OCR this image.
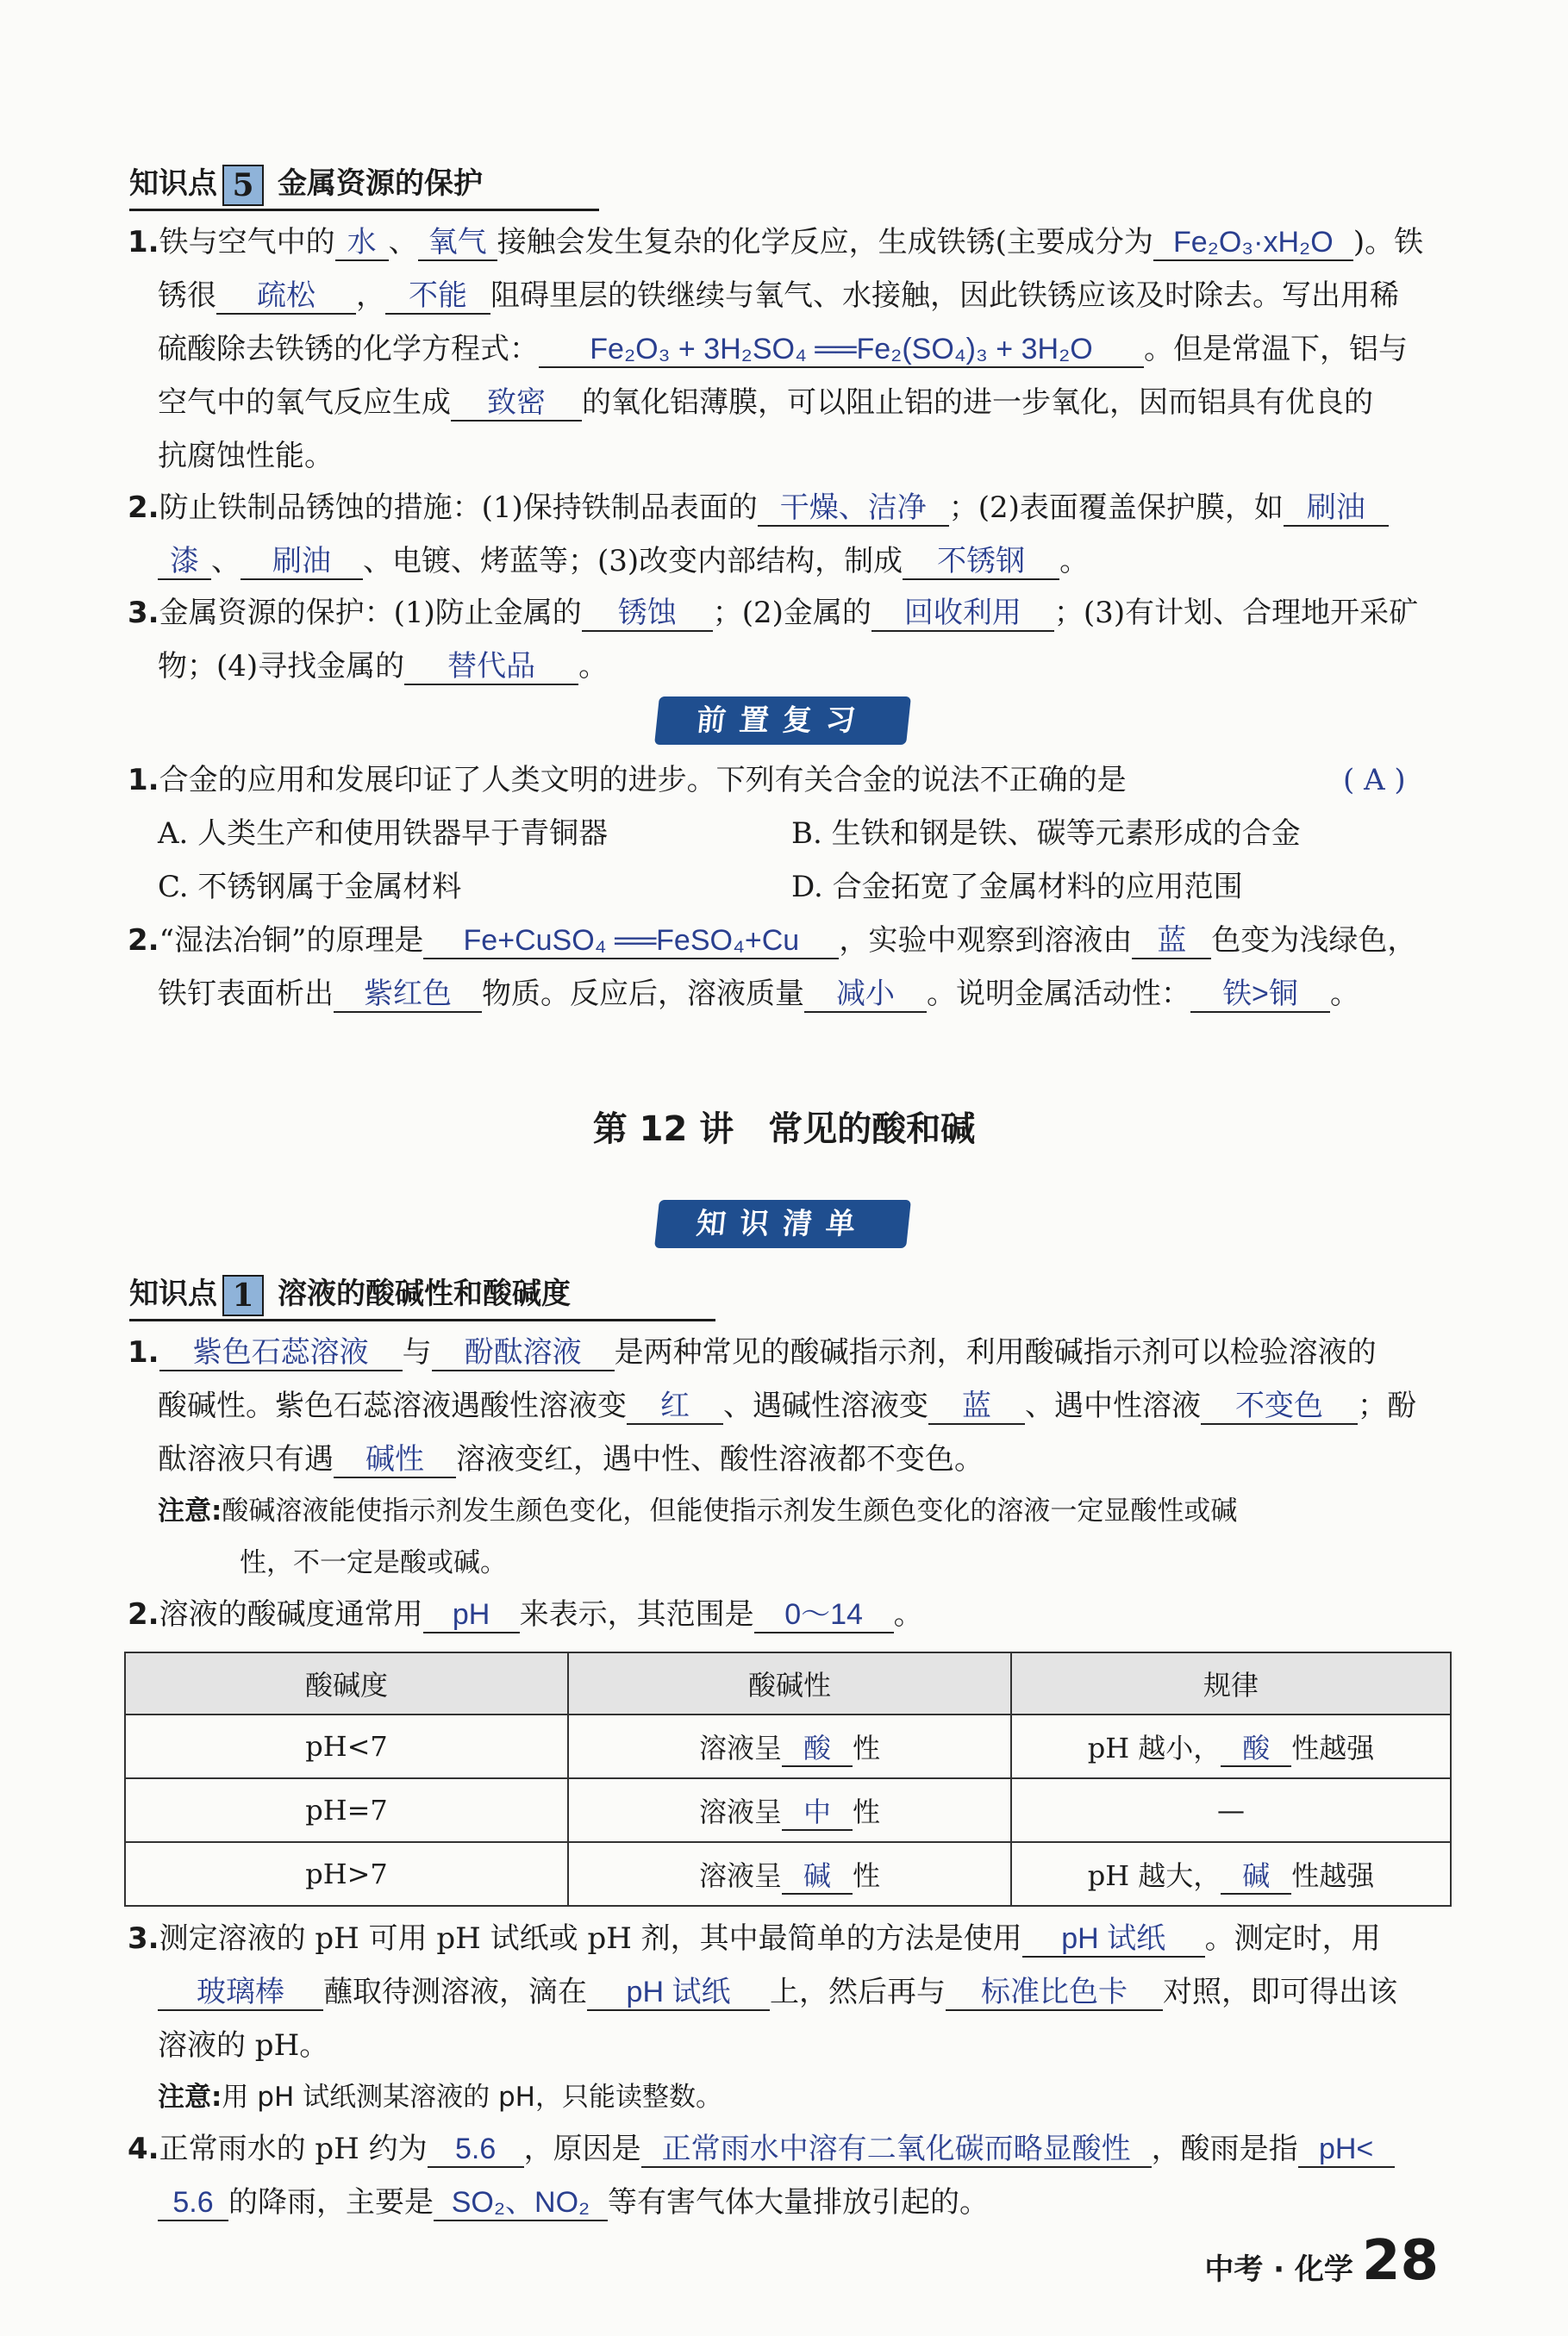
知识点 5 金属资源的保护
1.铁与空气中的 水 、 氧气 接触会发生复杂的化学反应，生成铁锈(主要成分为 Fe₂O₃·xH₂O )。铁
锈很 疏松 ， 不能 阻碍里层的铁继续与氧气、水接触，因此铁锈应该及时除去。写出用稀
硫酸除去铁锈的化学方程式： Fe₂O₃ + 3H₂SO₄ ══Fe₂(SO₄)₃ + 3H₂O 。但是常温下，铝与
空气中的氧气反应生成 致密 的氧化铝薄膜，可以阻止铝的进一步氧化，因而铝具有优良的
抗腐蚀性能。
2.防止铁制品锈蚀的措施：(1)保持铁制品表面的 干燥、洁净 ；(2)表面覆盖保护膜，如 刷油
漆 、 刷油 、电镀、烤蓝等；(3)改变内部结构，制成 不锈钢 。
3.金属资源的保护：(1)防止金属的 锈蚀 ；(2)金属的 回收利用 ；(3)有计划、合理地开采矿
物；(4)寻找金属的 替代品 。
前置复习
1.合金的应用和发展印证了人类文明的进步。下列有关合金的说法不正确的是	( A )
A. 人类生产和使用铁器早于青铜器	B. 生铁和钢是铁、碳等元素形成的合金
C. 不锈钢属于金属材料	D. 合金拓宽了金属材料的应用范围
2.“湿法冶铜”的原理是 Fe+CuSO₄ ══FeSO₄+Cu ，实验中观察到溶液由 蓝 色变为浅绿色，
铁钉表面析出 紫红色 物质。反应后，溶液质量 减小 。说明金属活动性： 铁>铜 。
第 12 讲　常见的酸和碱
知识清单
知识点 1 溶液的酸碱性和酸碱度
1. 紫色石蕊溶液 与 酚酞溶液 是两种常见的酸碱指示剂，利用酸碱指示剂可以检验溶液的
酸碱性。紫色石蕊溶液遇酸性溶液变 红 、遇碱性溶液变 蓝 、遇中性溶液 不变色 ；酚
酞溶液只有遇 碱性 溶液变红，遇中性、酸性溶液都不变色。
注意:酸碱溶液能使指示剂发生颜色变化，但能使指示剂发生颜色变化的溶液一定显酸性或碱
性，不一定是酸或碱。
2.溶液的酸碱度通常用 pH 来表示，其范围是 0～14 。
酸碱度	酸碱性	规律
pH<7	溶液呈 酸 性	pH 越小， 酸 性越强
pH=7	溶液呈 中 性	—
pH>7	溶液呈 碱 性	pH 越大， 碱 性越强
3.测定溶液的 pH 可用 pH 试纸或 pH 剂，其中最简单的方法是使用 pH 试纸 。测定时，用
玻璃棒 蘸取待测溶液，滴在 pH 试纸 上，然后再与 标准比色卡 对照，即可得出该
溶液的 pH。
注意:用 pH 试纸测某溶液的 pH，只能读整数。
4.正常雨水的 pH 约为 5.6 ，原因是 正常雨水中溶有二氧化碳而略显酸性 ，酸雨是指 pH<
5.6 的降雨，主要是 SO₂、NO₂ 等有害气体大量排放引起的。
中考 · 化学 28
